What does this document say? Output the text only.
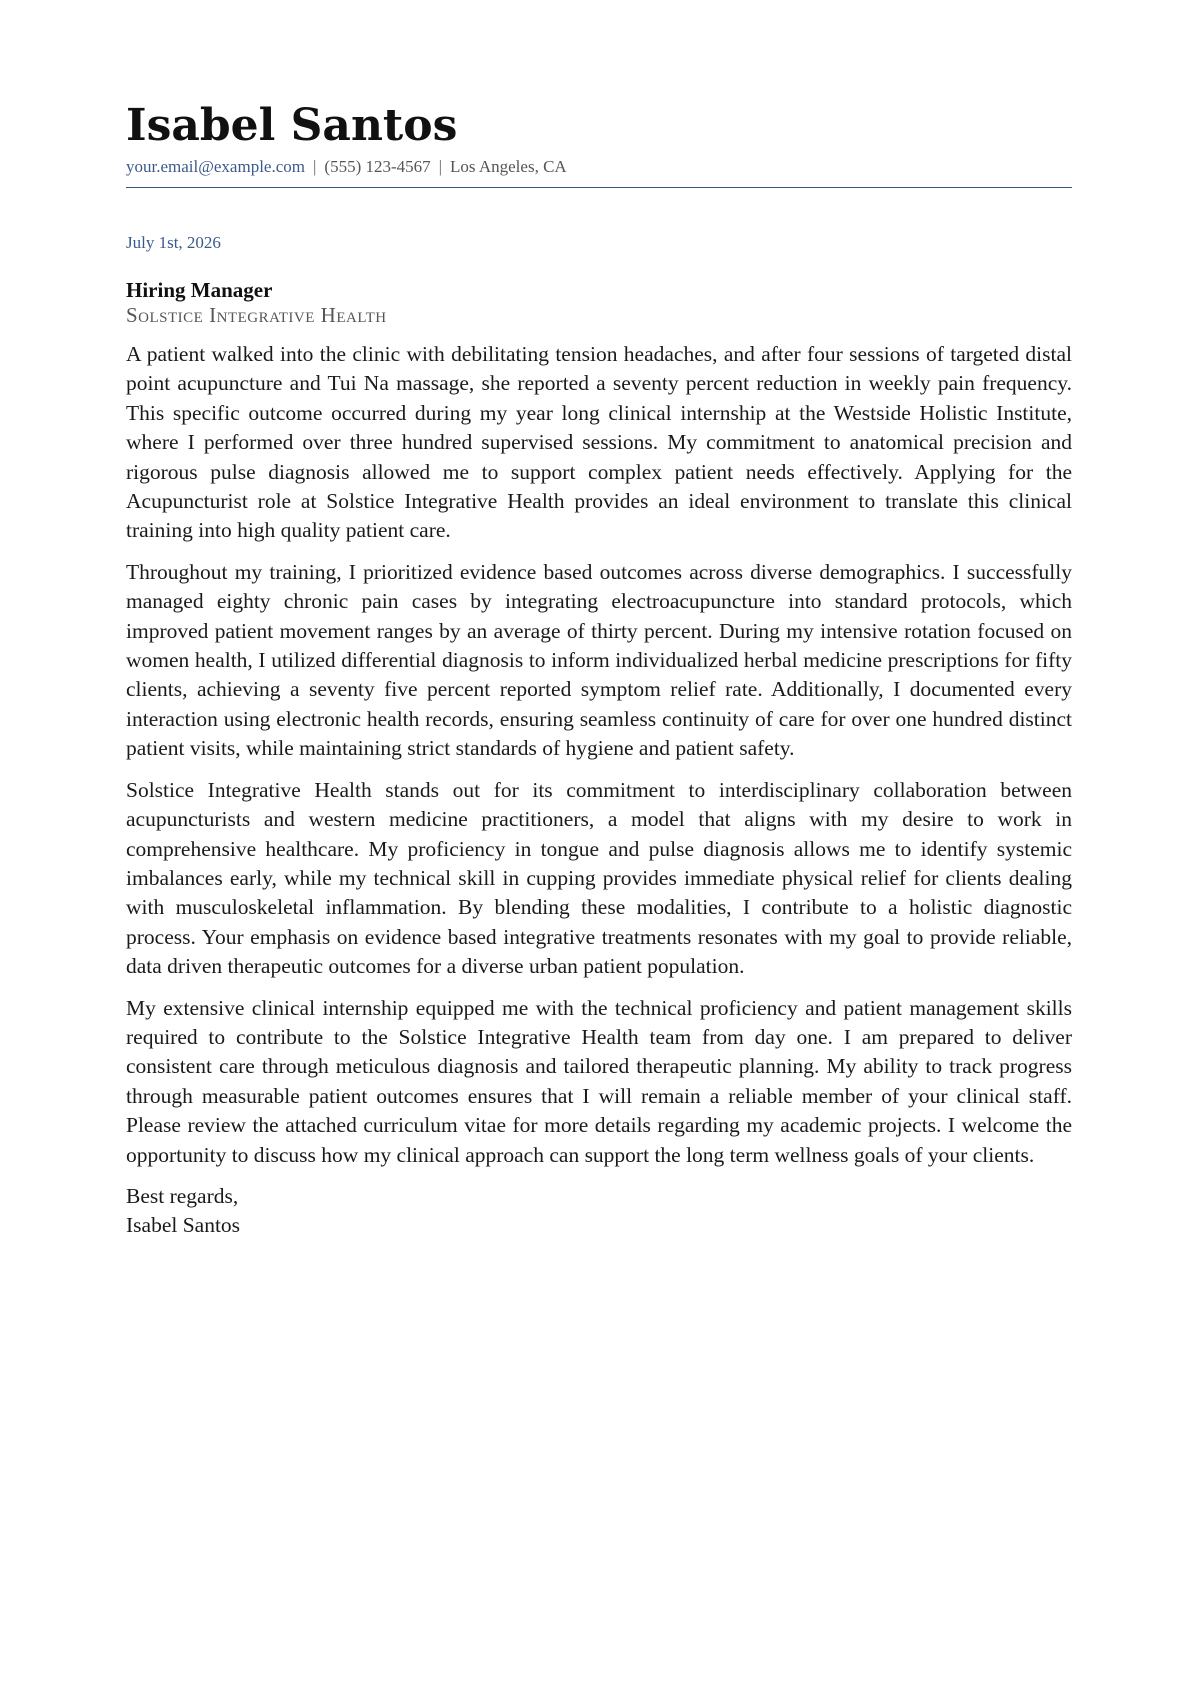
Isabel Santos
your.email@example.com | (555) 123-4567 | Los Angeles, CA
July 1st, 2026
Hiring Manager
Solstice Integrative Health

A patient walked into the clinic with debilitating tension headaches, and after four sessions of targeted distal point acupuncture and Tui Na massage, she reported a seventy percent reduction in weekly pain frequency. This specific outcome occurred during my year long clinical internship at the Westside Holistic Institute, where I performed over three hundred supervised sessions. My commitment to anatomical precision and rigorous pulse diagnosis allowed me to support complex patient needs effectively. Applying for the Acupuncturist role at Solstice Integrative Health provides an ideal environment to translate this clinical training into high quality patient care.

Throughout my training, I prioritized evidence based outcomes across diverse demographics. I successfully managed eighty chronic pain cases by integrating electroacupuncture into standard protocols, which improved patient movement ranges by an average of thirty percent. During my intensive rotation focused on women health, I utilized differential diagnosis to inform individualized herbal medicine prescriptions for fifty clients, achieving a seventy five percent reported symptom relief rate. Additionally, I documented every interaction using electronic health records, ensuring seamless continuity of care for over one hundred distinct patient visits, while maintaining strict standards of hygiene and patient safety.

Solstice Integrative Health stands out for its commitment to interdisciplinary collaboration between acupuncturists and western medicine practitioners, a model that aligns with my desire to work in comprehensive healthcare. My proficiency in tongue and pulse diagnosis allows me to identify systemic imbalances early, while my technical skill in cupping provides immediate physical relief for clients dealing with musculoskeletal inflammation. By blending these modalities, I contribute to a holistic diagnostic process. Your emphasis on evidence based integrative treatments resonates with my goal to provide reliable, data driven therapeutic outcomes for a diverse urban patient population.

My extensive clinical internship equipped me with the technical proficiency and patient management skills required to contribute to the Solstice Integrative Health team from day one. I am prepared to deliver consistent care through meticulous diagnosis and tailored therapeutic planning. My ability to track progress through measurable patient outcomes ensures that I will remain a reliable member of your clinical staff. Please review the attached curriculum vitae for more details regarding my academic projects. I welcome the opportunity to discuss how my clinical approach can support the long term wellness goals of your clients.

Best regards,
Isabel Santos
